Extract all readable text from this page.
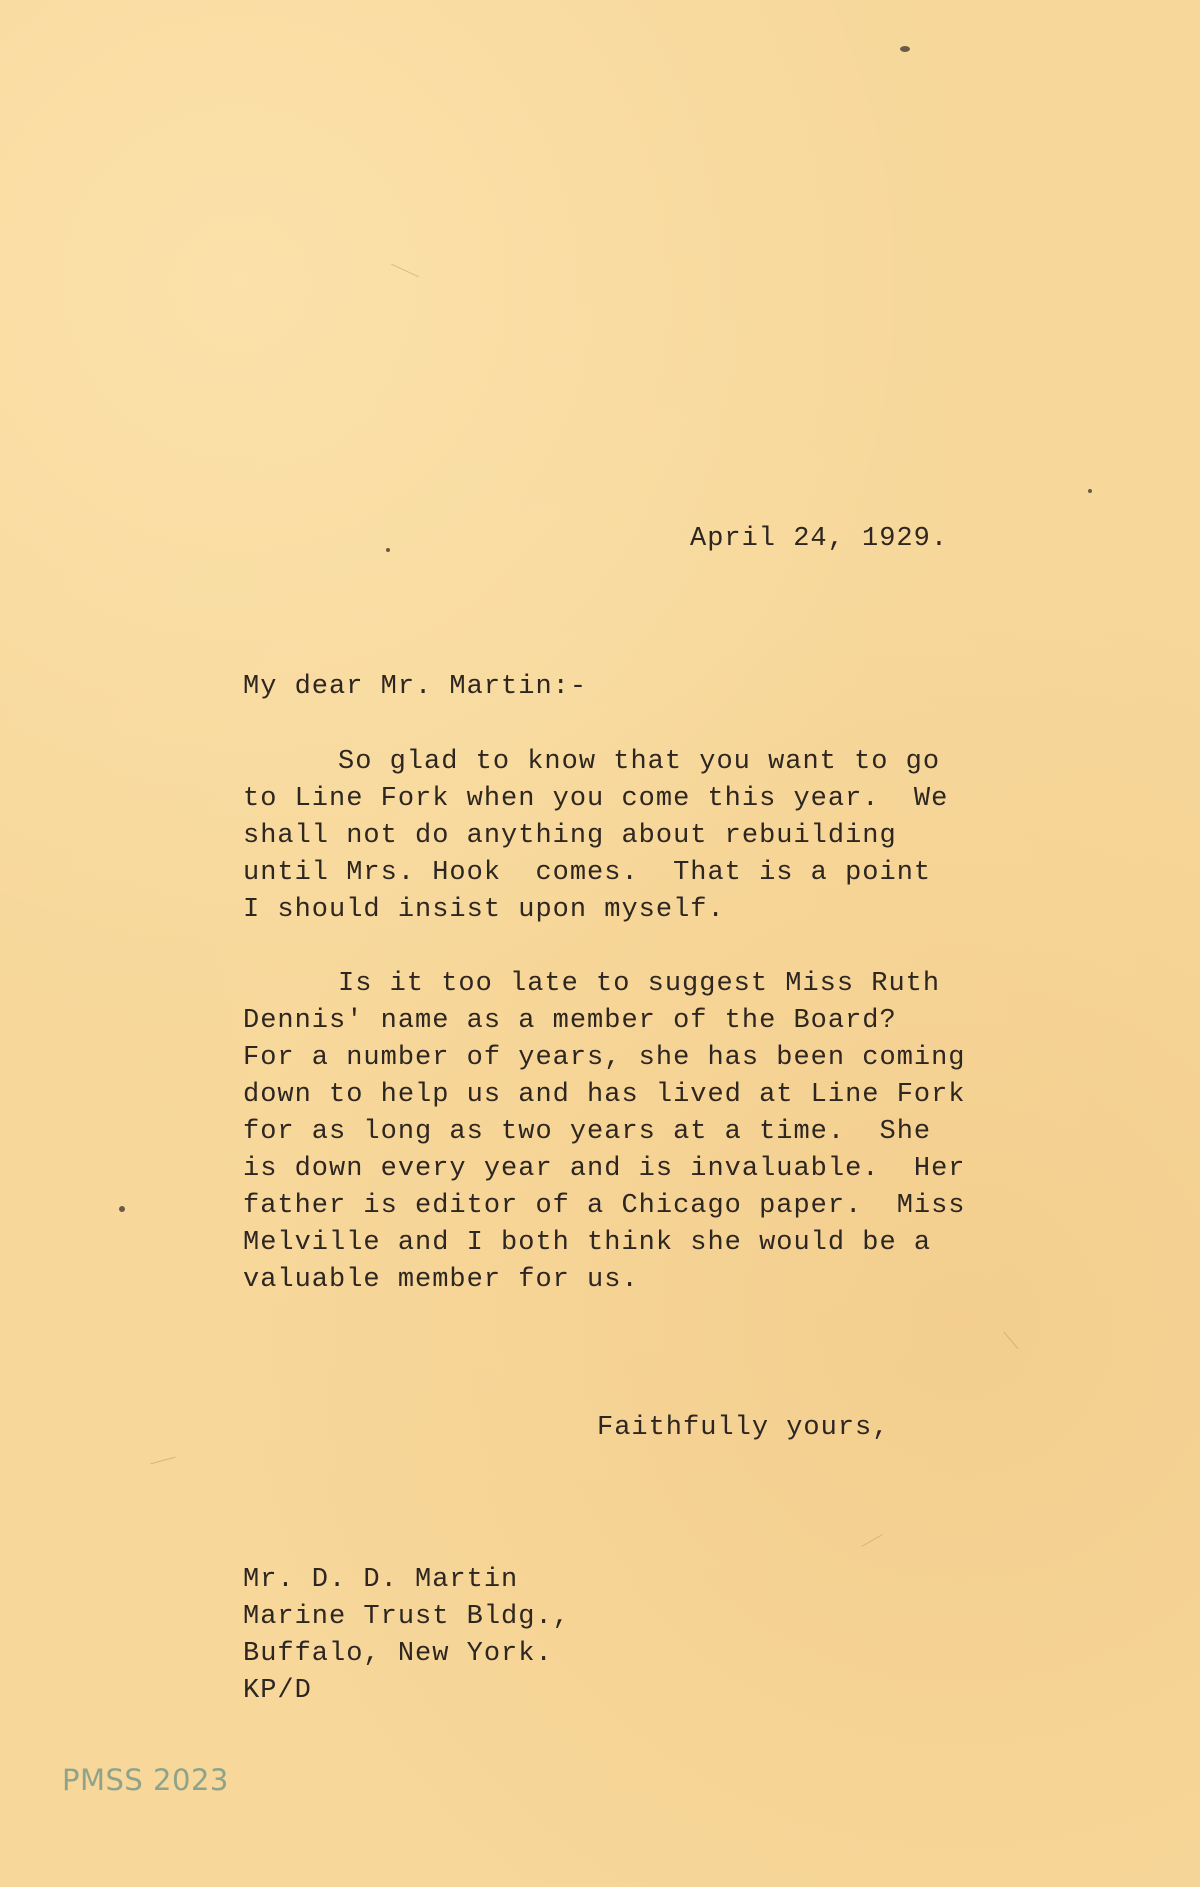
April 24, 1929.
My dear Mr. Martin:-
So glad to know that you want to go
to Line Fork when you come this year.  We
shall not do anything about rebuilding
until Mrs. Hook  comes.  That is a point
I should insist upon myself.
Is it too late to suggest Miss Ruth
Dennis' name as a member of the Board?
For a number of years, she has been coming
down to help us and has lived at Line Fork
for as long as two years at a time.  She
is down every year and is invaluable.  Her
father is editor of a Chicago paper.  Miss
Melville and I both think she would be a
valuable member for us.
Faithfully yours,
Mr. D. D. Martin
Marine Trust Bldg.,
Buffalo, New York.
KP/D
PMSS 2023
